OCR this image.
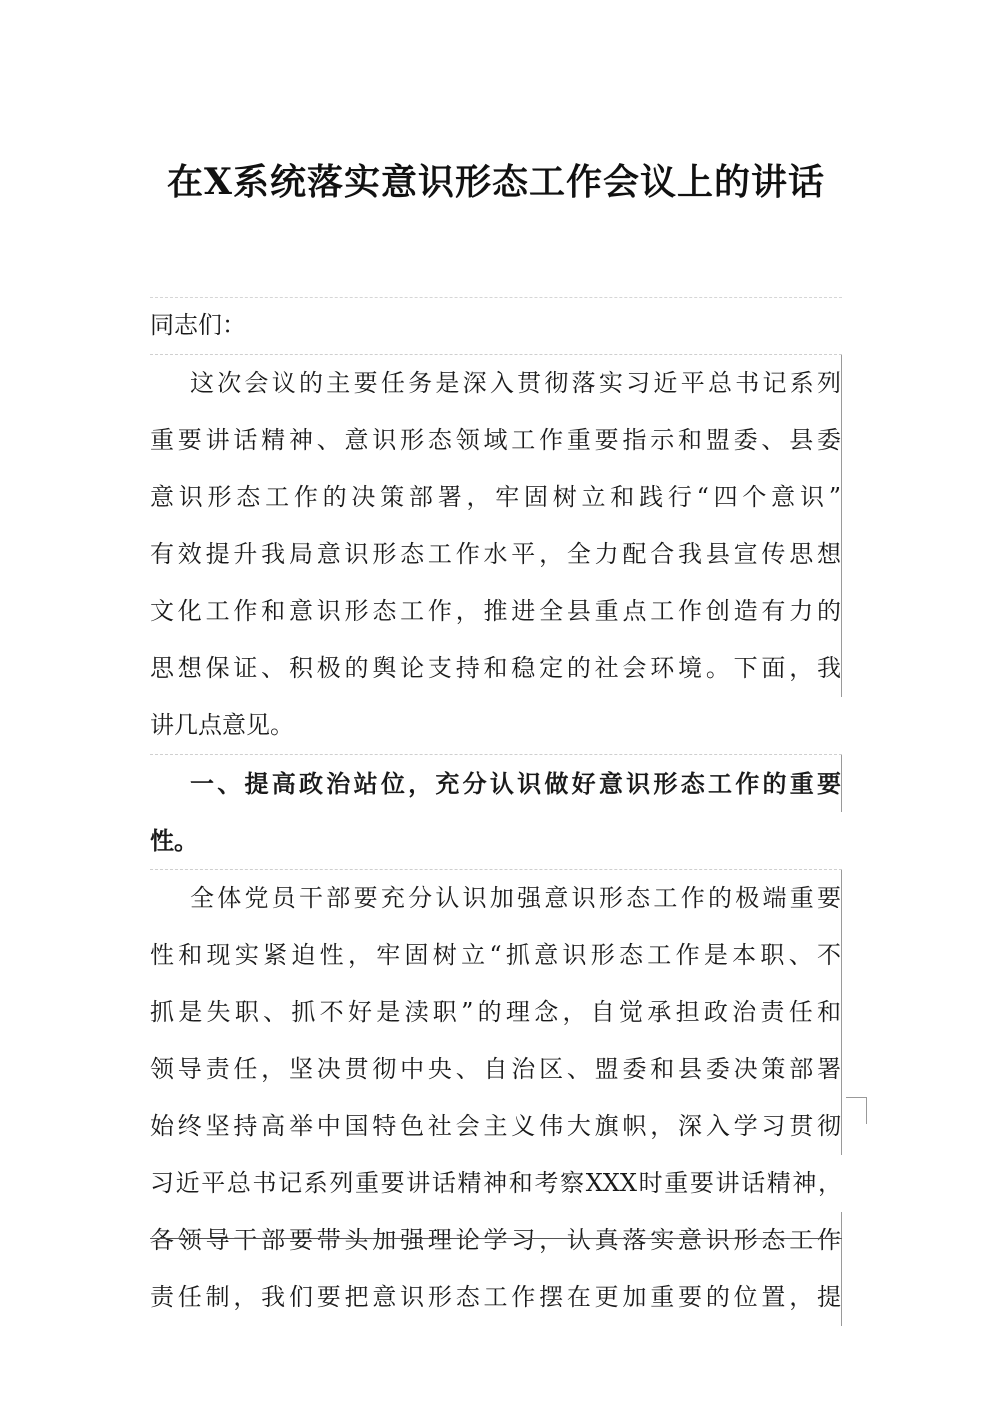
在X系统落实意识形态工作会议上的讲话
同志们：
这次会议的主要任务是深入贯彻落实习近平总书记系列
重要讲话精神、意识形态领域工作重要指示和盟委、县委
意识形态工作的决策部署，牢固树立和践行“四个意识”
有效提升我局意识形态工作水平，全力配合我县宣传思想
文化工作和意识形态工作，推进全县重点工作创造有力的
思想保证、积极的舆论支持和稳定的社会环境。下面，我
讲几点意见。
一、提高政治站位，充分认识做好意识形态工作的重要
性。
全体党员干部要充分认识加强意识形态工作的极端重要
性和现实紧迫性，牢固树立“抓意识形态工作是本职、不
抓是失职、抓不好是渎职”的理念，自觉承担政治责任和
领导责任，坚决贯彻中央、自治区、盟委和县委决策部署
始终坚持高举中国特色社会主义伟大旗帜，深入学习贯彻
习近平总书记系列重要讲话精神和考察XXX时重要讲话精神，
各领导干部要带头加强理论学习，认真落实意识形态工作
责任制，我们要把意识形态工作摆在更加重要的位置，提
